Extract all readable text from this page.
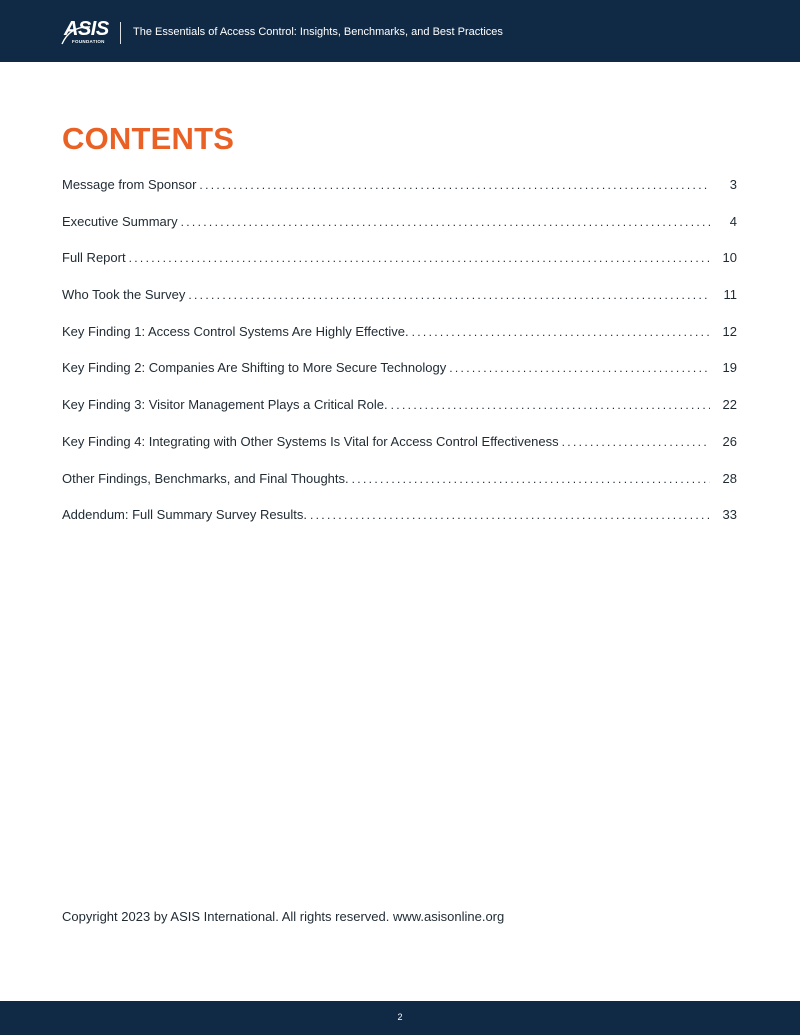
ASIS
FOUNDATION
The Essentials of Access Control: Insights, Benchmarks, and Best Practices
CONTENTS
Message from Sponsor . . .	3
Executive Summary . . .	4
Full Report . . .	10
Who Took the Survey . . .	11
Key Finding 1: Access Control Systems Are Highly Effective. . . .	12
Key Finding 2: Companies Are Shifting to More Secure Technology . . .	19
Key Finding 3: Visitor Management Plays a Critical Role. . . .	22
Key Finding 4: Integrating with Other Systems Is Vital for Access Control Effectiveness . . .	26
Other Findings, Benchmarks, and Final Thoughts. . . .	28
Addendum: Full Summary Survey Results. . . .	33
Copyright 2023 by ASIS International. All rights reserved. www.asisonline.org
2
